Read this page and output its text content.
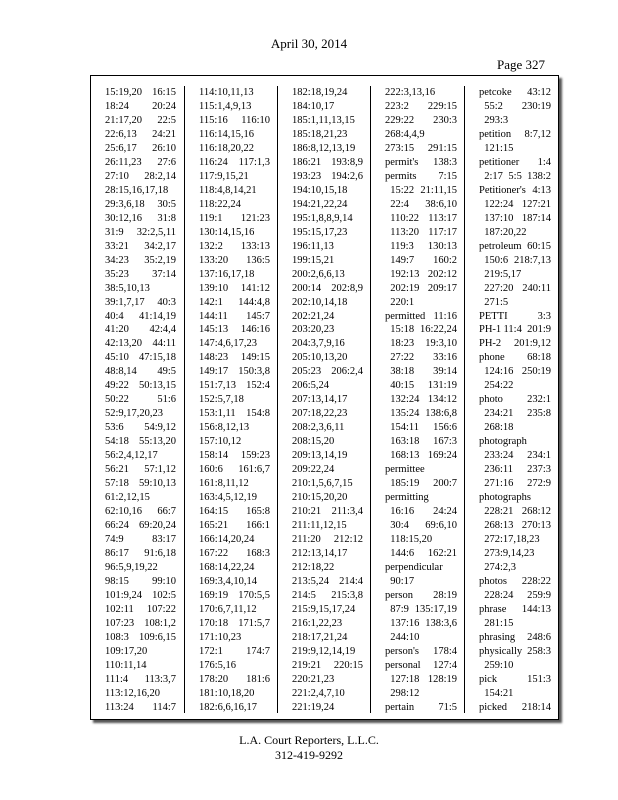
April 30, 2014
Page 327
15:19,20 16:15
18:24 20:24
21:17,20 22:5
22:6,13 24:21
25:6,17 26:10
26:11,23 27:6
27:10 28:2,14
28:15,16,17,18
29:3,6,18 30:5
30:12,16 31:8
31:9 32:2,5,11
33:21 34:2,17
34:23 35:2,19
35:23 37:14
38:5,10,13
39:1,7,17 40:3
40:4 41:14,19
41:20 42:4,4
42:13,20 44:11
45:10 47:15,18
48:8,14 49:5
49:22 50:13,15
50:22	51:6
52:9,17,20,23
53:6 54:9,12
54:18 55:13,20
56:2,4,12,17
56:21 57:1,12
57:18 59:10,13
61:2,12,15
62:10,16 66:7
66:24 69:20,24
74:9	83:17
86:17 91:6,18
96:5,9,19,22
98:15 99:10
101:9,24 102:5
102:11 107:22
107:23 108:1,2
108:3 109:6,15
109:17,20
110:11,14
111:4 113:3,7
113:12,16,20
113:24 114:7
114:10,11,13
115:1,4,9,13
115:16 116:10
116:14,15,16
116:18,20,22
116:24 117:1,3
117:9,15,21
118:4,8,14,21
118:22,24
119:1 121:23
130:14,15,16
132:2 133:13
133:20 136:5
137:16,17,18
139:10 141:12
142:1 144:4,8
144:11 145:7
145:13 146:16
147:4,6,17,23
148:23 149:15
149:17 150:3,8
151:7,13 152:4
152:5,7,18
153:1,11 154:8
156:8,12,13
157:10,12
158:14 159:23
160:6 161:6,7
161:8,11,12
163:4,5,12,19
164:15 165:8
165:21 166:1
166:14,20,24
167:22 168:3
168:14,22,24
169:3,4,10,14
169:19 170:5,5
170:6,7,11,12
170:18 171:5,7
171:10,23
172:1 174:7
176:5,16
178:20 181:6
181:10,18,20
182:6,6,16,17
182:18,19,24
184:10,17
185:1,11,13,15
185:18,21,23
186:8,12,13,19
186:21 193:8,9
193:23 194:2,6
194:10,15,18
194:21,22,24
195:1,8,8,9,14
195:15,17,23
196:11,13
199:15,21
200:2,6,6,13
200:14 202:8,9
202:10,14,18
202:21,24
203:20,23
204:3,7,9,16
205:10,13,20
205:23 206:2,4
206:5,24
207:13,14,17
207:18,22,23
208:2,3,6,11
208:15,20
209:13,14,19
209:22,24
210:1,5,6,7,15
210:15,20,20
210:21 211:3,4
211:11,12,15
211:20 212:12
212:13,14,17
212:18,22
213:5,24 214:4
214:5 215:3,8
215:9,15,17,24
216:1,22,23
218:17,21,24
219:9,12,14,19
219:21 220:15
220:21,23
221:2,4,7,10
221:19,24
222:3,13,16
223:2 229:15
229:22 230:3
268:4,4,9
273:15 291:15
permit's 138:3
permits 7:15
15:22 21:11,15
22:4 38:6,10
110:22 113:17
113:20 117:17
119:3 130:13
149:7 160:2
192:13 202:12
202:19 209:17
220:1
permitted 11:16
15:18 16:22,24
18:23 19:3,10
27:22 33:16
38:18 39:14
40:15 131:19
132:24 134:12
135:24 138:6,8
154:11 156:6
163:18 167:3
168:13 169:24
permittee
185:19 200:7
permitting
16:16 24:24
30:4 69:6,10
118:15,20
144:6 162:21
perpendicular
90:17
person 28:19
87:9 135:17,19
137:16 138:3,6
244:10
person's 178:4
personal 127:4
127:18 128:19
298:12
pertain 71:5
petcoke 43:12
55:2 230:19
293:3
petition 8:7,12
121:15
petitioner 1:4
2:17 5:5  138:2
Petitioner's 4:13
122:24 127:21
137:10 187:14
187:20,22
petroleum 60:15
150:6 218:7,13
219:5,17
227:20 240:11
271:5
PETTI	3:3
PH-1 11:4  201:9
PH-2 201:9,12
phone 68:18
124:16 250:19
254:22
photo 232:1
234:21 235:8
268:18
photograph
233:24 234:1
236:11 237:3
271:16 272:9
photographs
228:21 268:12
268:13 270:13
272:17,18,23
273:9,14,23
274:2,3
photos 228:22
228:24 259:9
phrase 144:13
281:15
phrasing 248:6
physically 258:3
259:10
pick	151:3
154:21
picked 218:14
L.A. Court Reporters, L.L.C.
312-419-9292
